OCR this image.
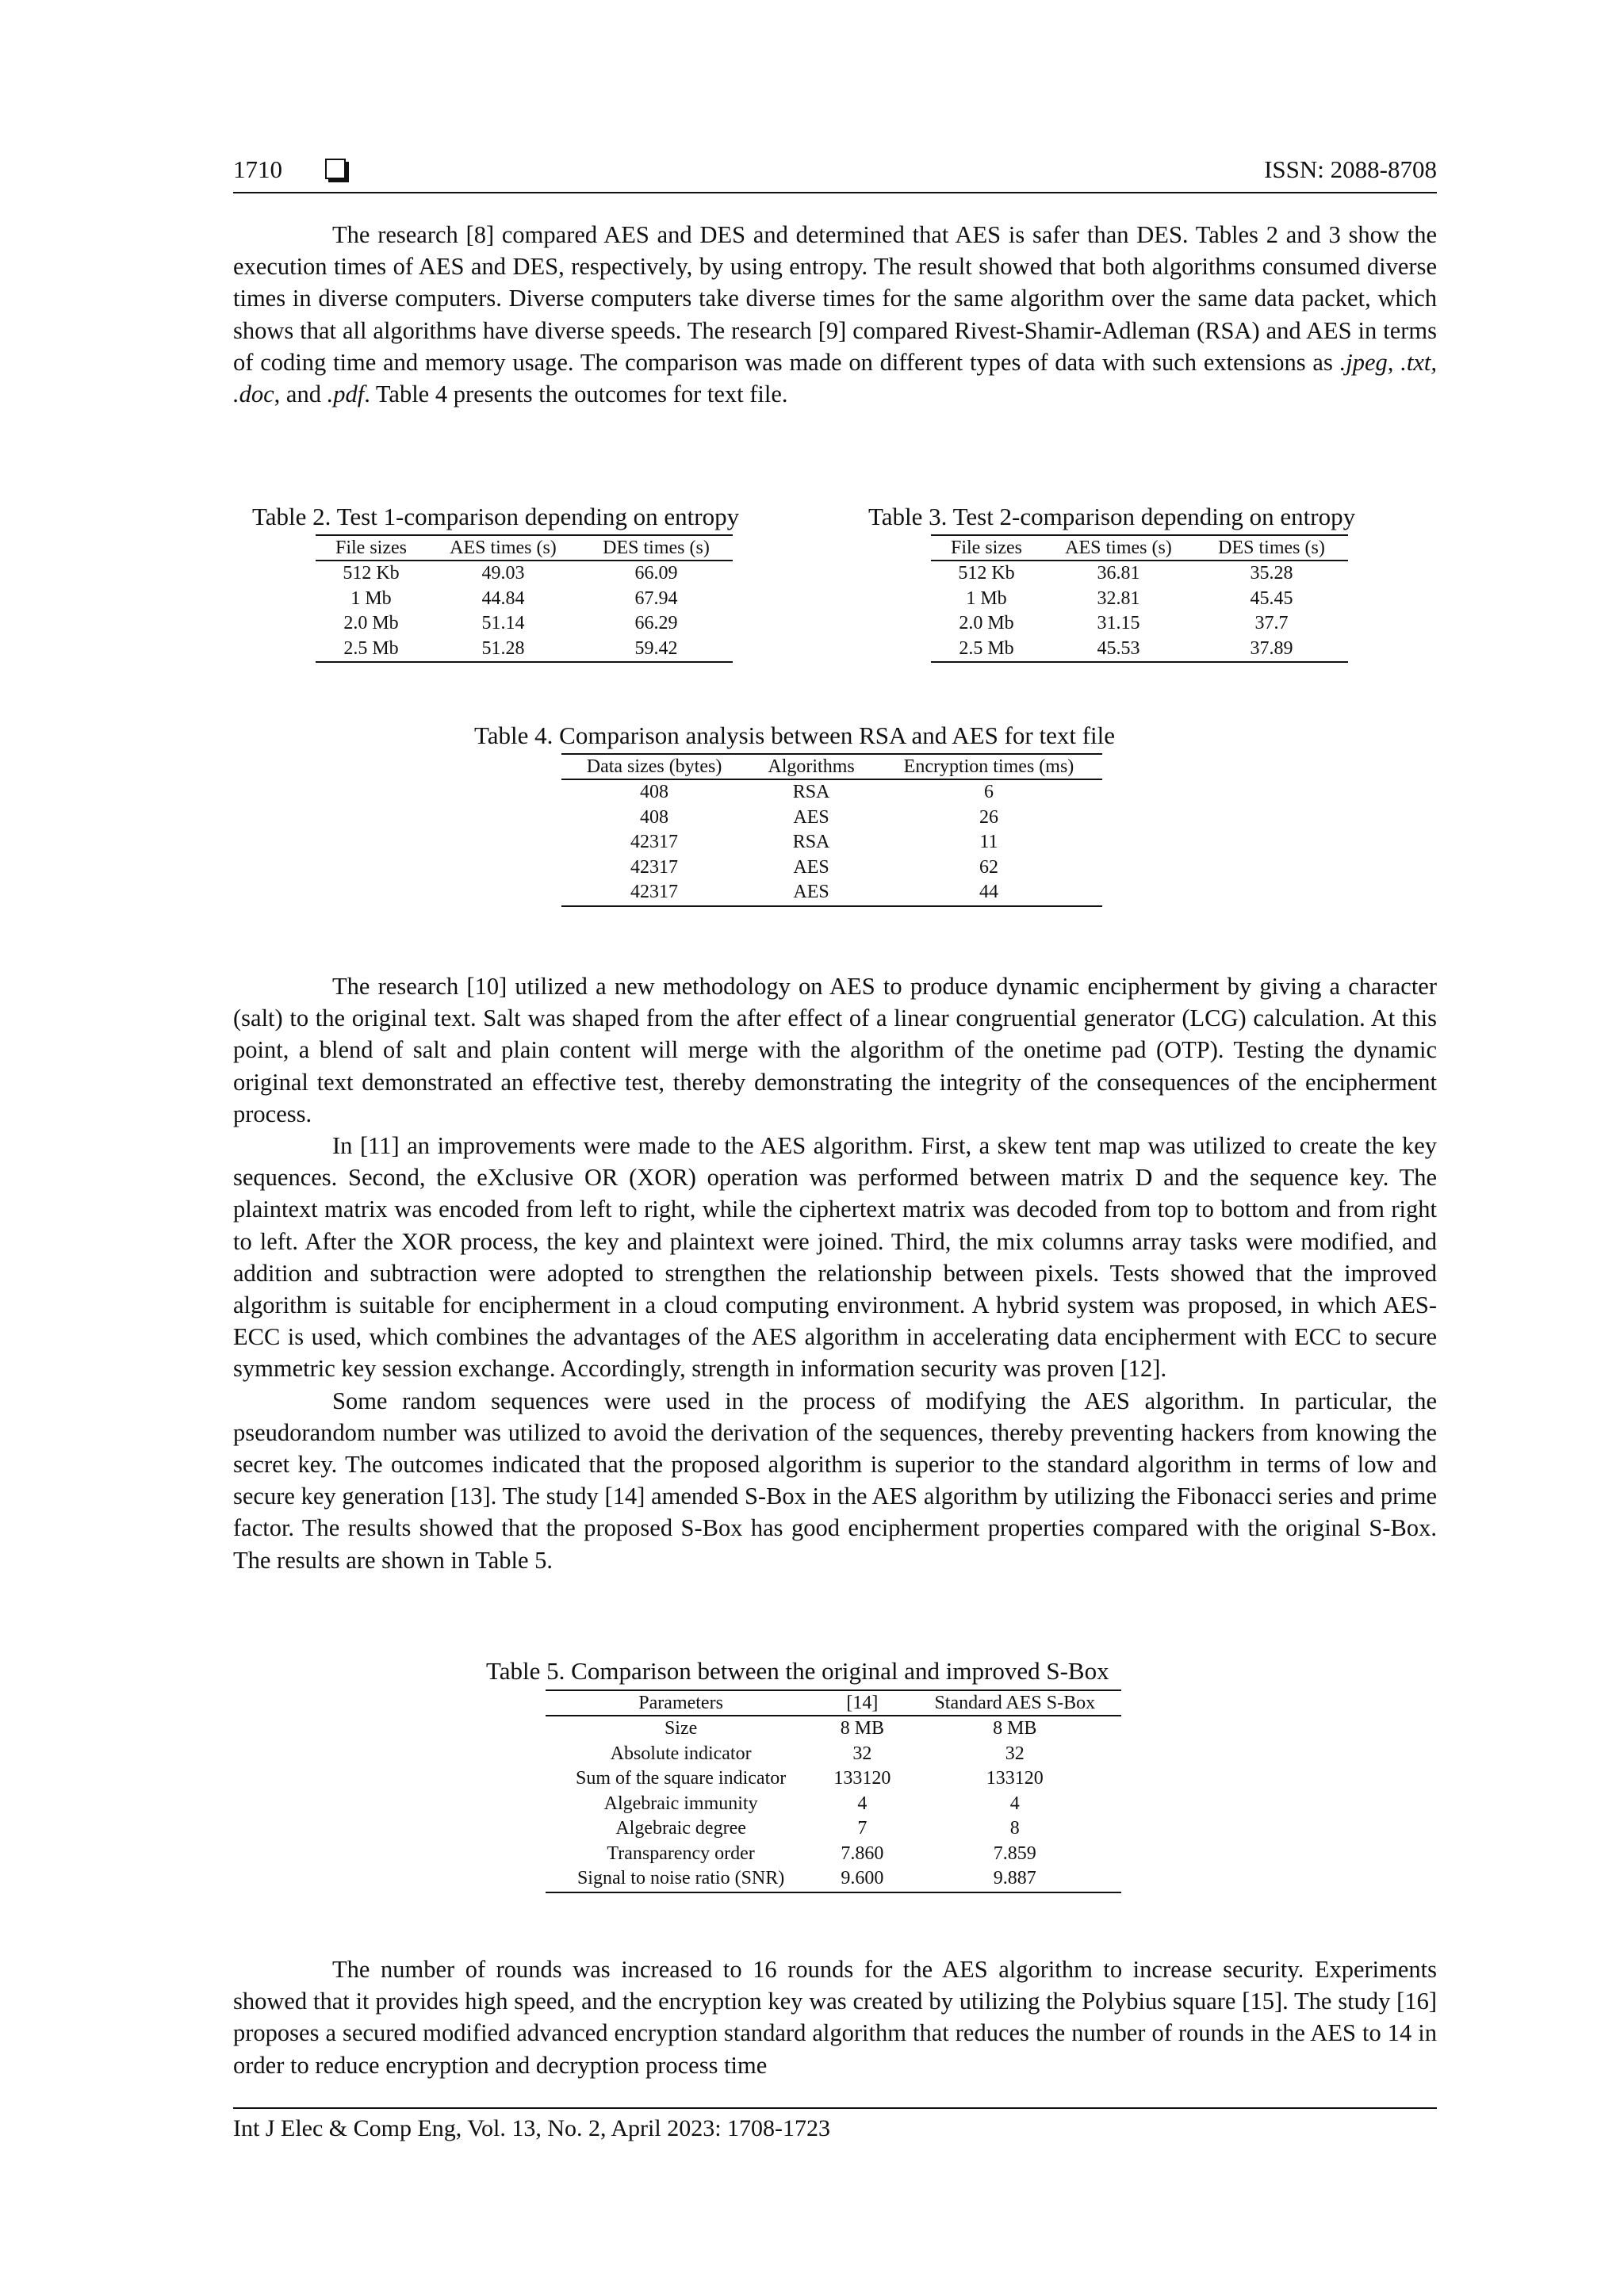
1710	ISSN: 2088-8708

The research [8] compared AES and DES and determined that AES is safer than DES. Tables 2 and 3 show the execution times of AES and DES, respectively, by using entropy. The result showed that both algorithms consumed diverse times in diverse computers. Diverse computers take diverse times for the same algorithm over the same data packet, which shows that all algorithms have diverse speeds. The research [9] compared Rivest-Shamir-Adleman (RSA) and AES in terms of coding time and memory usage. The comparison was made on different types of data with such extensions as .jpeg, .txt, .doc, and .pdf. Table 4 presents the outcomes for text file.

Table 2. Test 1-comparison depending on entropy
File sizes	AES times (s)	DES times (s)
512 Kb	49.03	66.09
1 Mb	44.84	67.94
2.0 Mb	51.14	66.29
2.5 Mb	51.28	59.42
Table 3. Test 2-comparison depending on entropy
File sizes	AES times (s)	DES times (s)
512 Kb	36.81	35.28
1 Mb	32.81	45.45
2.0 Mb	31.15	37.7
2.5 Mb	45.53	37.89
Table 4. Comparison analysis between RSA and AES for text file
Data sizes (bytes)	Algorithms	Encryption times (ms)
408	RSA	6
408	AES	26
42317	RSA	11
42317	AES	62
42317	AES	44

The research [10] utilized a new methodology on AES to produce dynamic encipherment by giving a character (salt) to the original text. Salt was shaped from the after effect of a linear congruential generator (LCG) calculation. At this point, a blend of salt and plain content will merge with the algorithm of the onetime pad (OTP). Testing the dynamic original text demonstrated an effective test, thereby demonstrating the integrity of the consequences of the encipherment process.

In [11] an improvements were made to the AES algorithm. First, a skew tent map was utilized to create the key sequences. Second, the eXclusive OR (XOR) operation was performed between matrix D and the sequence key. The plaintext matrix was encoded from left to right, while the ciphertext matrix was decoded from top to bottom and from right to left. After the XOR process, the key and plaintext were joined. Third, the mix columns array tasks were modified, and addition and subtraction were adopted to strengthen the relationship between pixels. Tests showed that the improved algorithm is suitable for encipherment in a cloud computing environment. A hybrid system was proposed, in which AES-ECC is used, which combines the advantages of the AES algorithm in accelerating data encipherment with ECC to secure symmetric key session exchange. Accordingly, strength in information security was proven [12].

Some random sequences were used in the process of modifying the AES algorithm. In particular, the pseudorandom number was utilized to avoid the derivation of the sequences, thereby preventing hackers from knowing the secret key. The outcomes indicated that the proposed algorithm is superior to the standard algorithm in terms of low and secure key generation [13]. The study [14] amended S-Box in the AES algorithm by utilizing the Fibonacci series and prime factor. The results showed that the proposed S-Box has good encipherment properties compared with the original S-Box. The results are shown in Table 5.

Table 5. Comparison between the original and improved S-Box
Parameters	[14]	Standard AES S-Box
Size	8 MB	8 MB
Absolute indicator	32	32
Sum of the square indicator	133120	133120
Algebraic immunity	4	4
Algebraic degree	7	8
Transparency order	7.860	7.859
Signal to noise ratio (SNR)	9.600	9.887

The number of rounds was increased to 16 rounds for the AES algorithm to increase security. Experiments showed that it provides high speed, and the encryption key was created by utilizing the Polybius square [15]. The study [16] proposes a secured modified advanced encryption standard algorithm that reduces the number of rounds in the AES to 14 in order to reduce encryption and decryption process time

Int J Elec & Comp Eng, Vol. 13, No. 2, April 2023: 1708-1723
